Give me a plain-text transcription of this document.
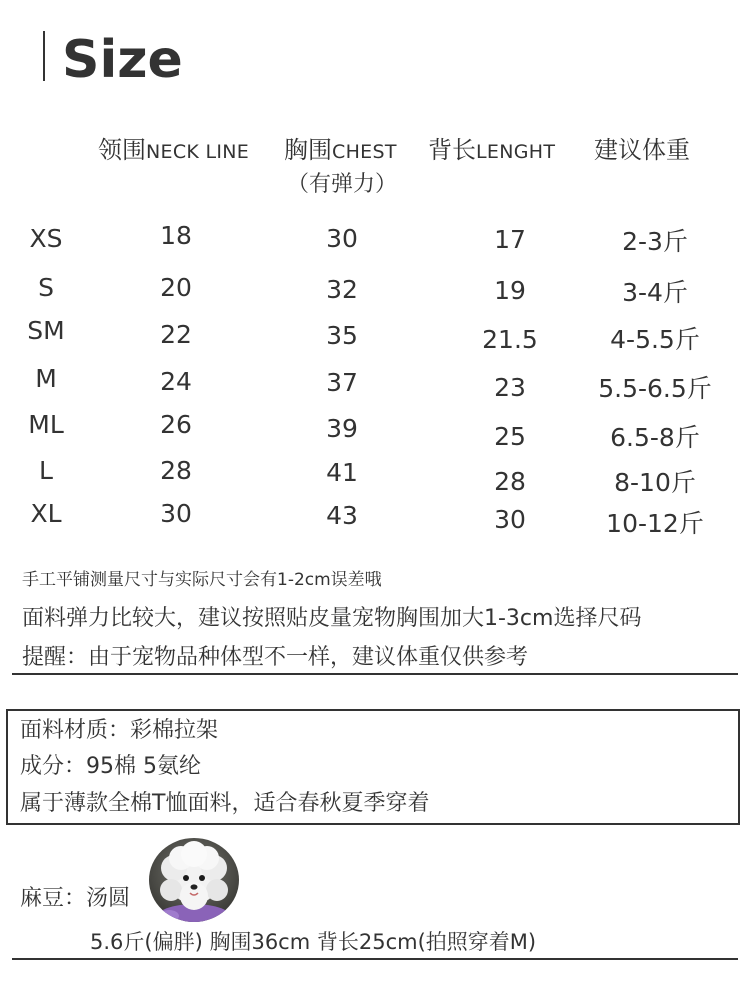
Size
领围NECK LINE 胸围CHEST
（有弹力）
背长LENGHT 建议体重
XS
S
SM
M
ML
L
XL
18
20
22
24
26
28
30
30
32
35
37
39
41
43
17
19
21.5
23
25
28
30
2-3斤
3-4斤
4-5.5斤
5.5-6.5斤
6.5-8斤
8-10斤
10-12斤
手工平铺测量尺寸与实际尺寸会有1-2cm误差哦
面料弹力比较大，建议按照贴皮量宠物胸围加大1-3cm选择尺码
提醒：由于宠物品种体型不一样，建议体重仅供参考
面料材质：彩棉拉架
成分：95棉 5氨纶
属于薄款全棉T恤面料，适合春秋夏季穿着
麻豆：汤圆
5.6斤(偏胖) 胸围36cm 背长25cm(拍照穿着M)
